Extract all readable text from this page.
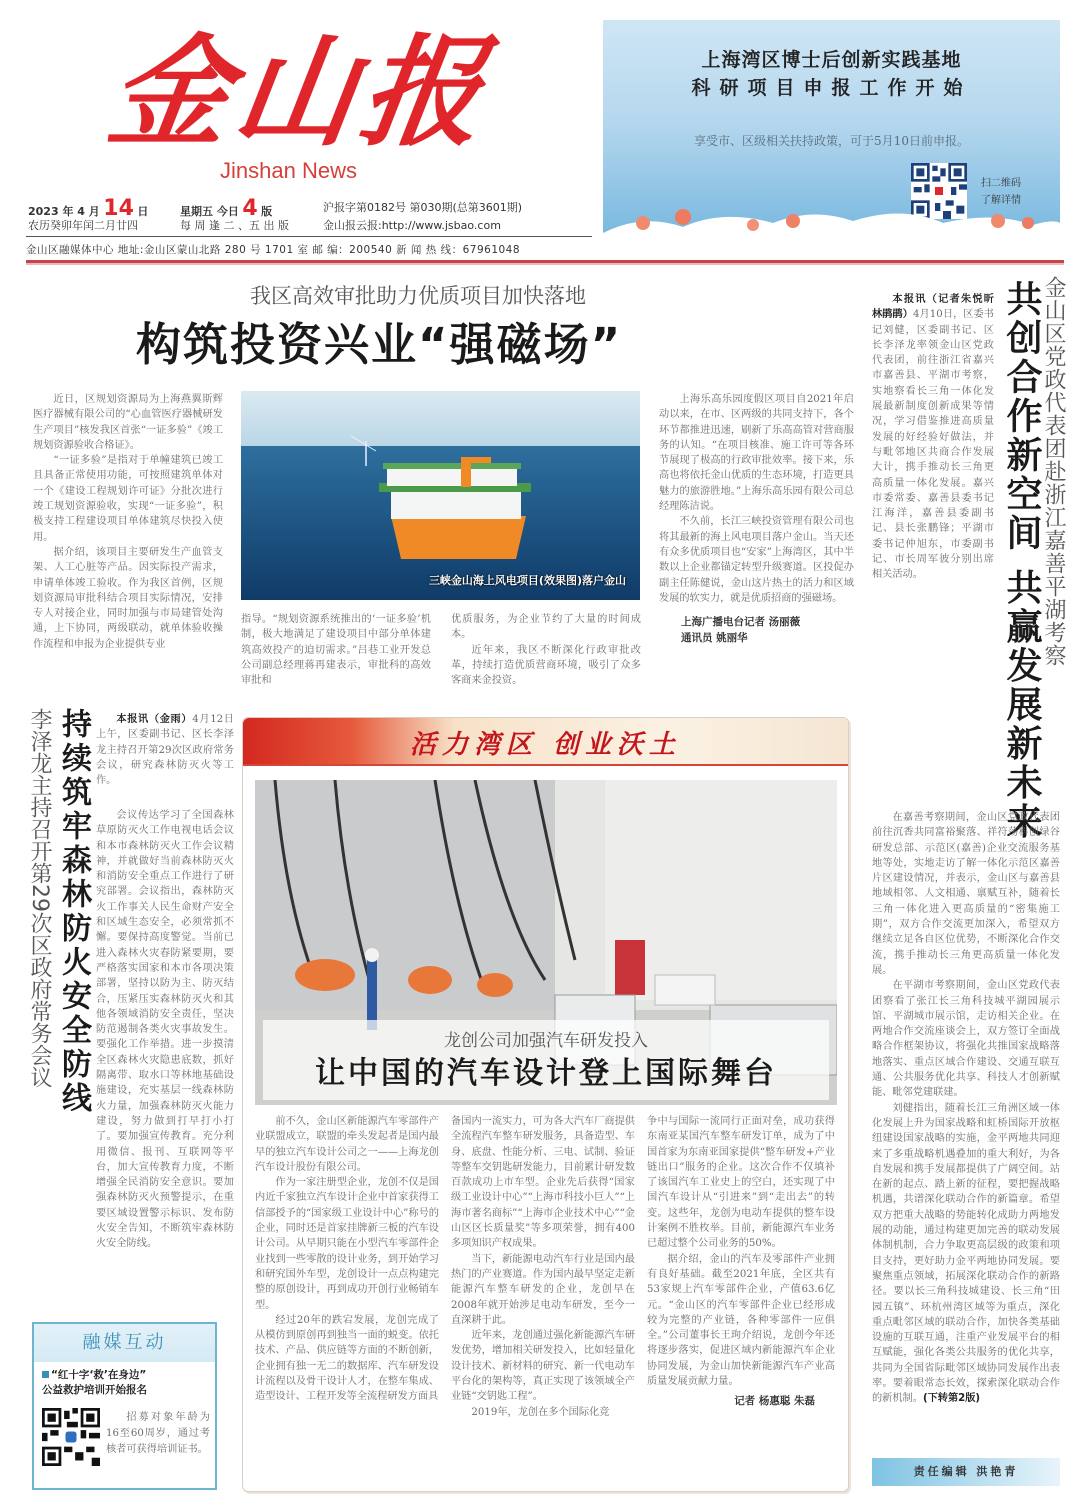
金山报
Jinshan News
2023 年 4 月 14 日
农历癸卯年闰二月廿四
星期五 今日 4 版
每 周 逢 二 、五 出 版
沪报字第0182号 第030期(总第3601期)
金山报云报:http://www.jsbao.com
金山区融媒体中心 地址:金山区蒙山北路 280 号 1701 室 邮 编：200540 新 闻 热 线：67961048
上海湾区博士后创新实践基地
科研项目申报工作开始
享受市、区级相关扶持政策，可于5月10日前申报。
扫二维码
了解详情
我区高效审批助力优质项目加快落地
构筑投资兴业“强磁场”

近日，区规划资源局为上海燕翼斯辉医疗器械有限公司的“心血管医疗器械研发生产项目”核发我区首张“一证多验”《竣工规划资源验收合格证》。

“一证多验”是指对于单幢建筑已竣工且具备正常使用功能，可按照建筑单体对一个《建设工程规划许可证》分批次进行竣工规划资源验收，实现“一证多验”，积极支持工程建设项目单体建筑尽快投入使用。

据介绍，该项目主要研发生产血管支架、人工心脏等产品。因实际投产需求，申请单体竣工验收。作为我区首例，区规划资源局审批科结合项目实际情况，安排专人对接企业，同时加强与市局建管处沟通，上下协同，两级联动，就单体验收操作流程和申报为企业提供专业

三峡金山海上风电项目(效果图)落户金山

指导。“规划资源系统推出的‘一证多验’机制，极大地满足了建设项目中部分单体建筑高效投产的迫切需求。”吕巷工业开发总公司副总经理蒋再建表示，审批科的高效审批和

优质服务，为企业节约了大量的时间成本。

近年来，我区不断深化行政审批改革，持续打造优质营商环境，吸引了众多客商来金投资。

上海乐高乐园度假区项目自2021年启动以来，在市、区两级的共同支持下，各个环节都推进迅速，刷新了乐高高管对营商服务的认知。“在项目核准、施工许可等各环节展现了极高的行政审批效率。接下来，乐高也将依托金山优质的生态环境，打造更具魅力的旅游胜地。”上海乐高乐园有限公司总经理陈洁说。

不久前，长江三峡投资管理有限公司也将其最新的海上风电项目落户金山。当天还有众多优质项目也“安家”上海湾区，其中半数以上企业都锚定转型升级赛道。区投促办副主任陈健说，金山这片热土的活力和区域发展的软实力，就是优质招商的强磁场。

上海广播电台记者 汤丽薇
通讯员 姚丽华	金山区党政代表团赴浙江嘉善平湖考察
共创合作新空间 共赢发展新未来

本报讯（记者朱悦昕 林鹃鹃）4月10日，区委书记刘健，区委副书记、区长李泽龙率领金山区党政代表团，前往浙江省嘉兴市嘉善县、平湖市考察，实地察看长三角一体化发展最新制度创新成果等情况，学习借鉴推进高质量发展的好经验好做法，并与毗邻地区共商合作发展大计，携手推动长三角更高质量一体化发展。嘉兴市委常委、嘉善县委书记江海洋，嘉善县委副书记、县长张鹏锋；平湖市委书记仲旭东，市委副书记、市长周军彼分别出席相关活动。

在嘉善考察期间，金山区党政代表团前往沉香共同富裕聚落、祥符荡科创绿谷研发总部、示范区(嘉善)企业交流服务基地等处，实地走访了解一体化示范区嘉善片区建设情况，并表示，金山区与嘉善县地域相邻、人文相通、禀赋互补，随着长三角一体化进入更高质量的“密集施工期”，双方合作交流更加深入，希望双方继续立足各自区位优势，不断深化合作交流，携手推动长三角更高质量一体化发展。

在平湖市考察期间，金山区党政代表团察看了张江长三角科技城平湖园展示馆、平湖城市展示馆，走访相关企业。在两地合作交流座谈会上，双方签订全面战略合作框架协议，将强化共推国家战略落地落实、重点区域合作建设、交通互联互通、公共服务优化共享、科技人才创新赋能、毗邻党建联建。

刘健指出，随着长江三角洲区域一体化发展上升为国家战略和虹桥国际开放枢纽建设国家战略的实施，金平两地共同迎来了多重战略机遇叠加的重大利好，为各自发展和携手发展都提供了广阔空间。站在新的起点、踏上新的征程，要把握战略机遇，共谱深化联动合作的新篇章。希望双方把重大战略的势能转化成助力两地发展的动能，通过构建更加完善的联动发展体制机制，合力争取更高层级的政策和项目支持，更好助力金平两地协同发展。要聚焦重点领域，拓展深化联动合作的新路径。要以长三角科技城建设、长三角“田园五镇”、环杭州湾区域等为重点，深化重点毗邻区域的联动合作，加快各类基础设施的互联互通，注重产业发展平台的相互赋能，强化各类公共服务的优化共享，共同为全国省际毗邻区域协同发展作出表率。要着眼常态长效，探索深化联动合作的新机制。(下转第2版)

李泽龙主持召开第29次区政府常务会议 持续筑牢森林防火安全防线	本报讯（金雨）4月12日上午，区委副书记、区长李泽龙主持召开第29次区政府常务会议，研究森林防灭火等工作。

会议传达学习了全国森林草原防灭火工作电视电话会议和本市森林防灭火工作会议精神，并就做好当前森林防灭火和消防安全重点工作进行了研究部署。会议指出，森林防灭火工作事关人民生命财产安全和区域生态安全，必须常抓不懈。要保持高度警觉。当前已进入森林火灾春防紧要期，要严格落实国家和本市各项决策部署，坚持以防为主、防灭结合，压紧压实森林防灭火和其他各领域消防安全责任，坚决防范遏制各类火灾事故发生。要强化工作举措。进一步摸清全区森林火灾隐患底数，抓好隔离带、取水口等林地基础设施建设，充实基层一线森林防火力量，加强森林防灭火能力建设，努力做到打早打小打了。要加强宣传教育。充分利用微信、报刊、互联网等平台，加大宣传教育力度，不断增强全民消防安全意识。要加强森林防灭火预警提示，在重要区域设置警示标识、发布防火安全告知，不断筑牢森林防火安全防线。

融媒互动
“红十字‘救’在身边”
公益救护培训开始报名

招募对象年龄为16至60周岁，通过考核者可获得培训证书。

活力湾区 创业沃土
龙创公司加强汽车研发投入
让中国的汽车设计登上国际舞台

前不久，金山区新能源汽车零部件产业联盟成立，联盟的牵头发起者是国内最早的独立汽车设计公司之一——上海龙创汽车设计股份有限公司。

作为一家注册型企业，龙创不仅是国内近千家独立汽车设计企业中首家获得工信部授予的“国家级工业设计中心”称号的企业，同时还是首家挂牌新三板的汽车设计公司。从早期只能在小型汽车零部件企业找到一些零散的设计业务，到开始学习和研究国外车型，龙创设计一点点构建完整的原创设计，再到成功开创行业畅销车型。

经过20年的跌宕发展，龙创完成了从模仿到原创再到独当一面的蜕变。依托技术、产品、供应链等方面的不断创新，企业拥有独一无二的数据库、汽车研发设计流程以及骨干设计人才，在整车集成、造型设计、工程开发等全流程研发方面具

备国内一流实力，可为各大汽车厂商提供全流程汽车整车研发服务，具备造型、车身、底盘、性能分析、三电、试制、验证等整车交钥匙研发能力，目前累计研发数百款成功上市车型。企业先后获得“国家级工业设计中心”“上海市科技小巨人”“上海市著名商标”“上海市企业技术中心”“金山区区长质量奖”等多项荣誉，拥有400多项知识产权成果。

当下，新能源电动汽车行业是国内最热门的产业赛道。作为国内最早坚定走新能源汽车整车研发的企业，龙创早在2008年就开始涉足电动车研发，至今一直深耕于此。

近年来，龙创通过强化新能源汽车研发优势，增加相关研发投入，比如轻量化设计技术、新材料的研究、新一代电动车平台化的架构等，真正实现了该领域全产业链“交钥匙工程”。

2019年，龙创在多个国际化竞

争中与国际一流同行正面对垒，成功获得东南亚某国汽车整车研发订单，成为了中国首家为东南亚国家提供“整车研发+产业链出口”服务的企业。这次合作不仅填补了该国汽车工业史上的空白，还实现了中国汽车设计从“引进来”到“走出去”的转变。这些年，龙创为电动车提供的整车设计案例不胜枚举。目前，新能源汽车业务已超过整个公司业务的50%。

据介绍，金山的汽车及零部件产业拥有良好基础。截至2021年底，全区共有53家规上汽车零部件企业，产值63.6亿元。“金山区的汽车零部件企业已经形成较为完整的产业链，各种零部件一应俱全。”公司董事长王珣介绍说，龙创今年还将逐步落实，促进区域内新能源汽车企业协同发展，为金山加快新能源汽车产业高质量发展贡献力量。

记者 杨惠聪 朱磊
责任编辑 洪艳青
